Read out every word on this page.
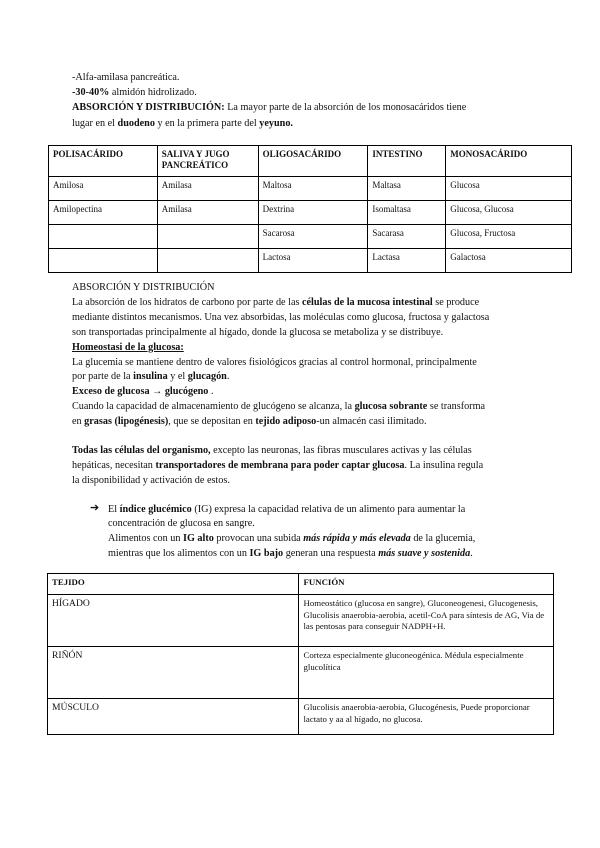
-Alfa-amilasa pancreática.
-30-40% almidón hidrolizado.
ABSORCIÓN Y DISTRIBUCIÓN: La mayor parte de la absorción de los monosacáridos tiene
lugar en el duodeno y en la primera parte del yeyuno.
POLISACÁRIDO	SALIVA Y JUGO PANCREÁTICO	OLIGOSACÁRIDO	INTESTINO	MONOSACÁRIDO
Amilosa	Amilasa	Maltosa	Maltasa	Glucosa
Amilopectina	Amilasa	Dextrina	Isomaltasa	Glucosa, Glucosa
		Sacarosa	Sacarasa	Glucosa, Fructosa
		Lactosa	Lactasa	Galactosa
ABSORCIÓN Y DISTRIBUCIÓN
La absorción de los hidratos de carbono por parte de las células de la mucosa intestinal se produce
mediante distintos mecanismos. Una vez absorbidas, las moléculas como glucosa, fructosa y galactosa
son transportadas principalmente al hígado, donde la glucosa se metaboliza y se distribuye.
Homeostasi de la glucosa:
La glucemia se mantiene dentro de valores fisiológicos gracias al control hormonal, principalmente
por parte de la insulina y el glucagón.
Exceso de glucosa → glucógeno .
Cuando la capacidad de almacenamiento de glucógeno se alcanza, la glucosa sobrante se transforma
en grasas (lipogénesis), que se depositan en tejido adiposo-un almacén casi ilimitado.
Todas las células del organismo, excepto las neuronas, las fibras musculares activas y las células
hepáticas, necesitan transportadores de membrana para poder captar glucosa. La insulina regula
la disponibilidad y activación de estos.
➔ El índice glucémico (IG) expresa la capacidad relativa de un alimento para aumentar la
concentración de glucosa en sangre.
Alimentos con un IG alto provocan una subida más rápida y más elevada de la glucemia,
mientras que los alimentos con un IG bajo generan una respuesta más suave y sostenida.
TEJIDO	FUNCIÓN
HÍGADO	Homeostático (glucosa en sangre), Gluconeogenesi, Glucogenesis, Glucolisis anaerobia-aerobia, acetil-CoA para síntesis de AG, Via de las pentosas para conseguir NADPH+H.
RIÑÓN	Corteza especialmente gluconeogénica. Médula especialmente glucolítica
MÚSCULO	Glucolisis anaerobia-aerobia, Glucogénesis, Puede proporcionar lactato y aa al hígado, no glucosa.
